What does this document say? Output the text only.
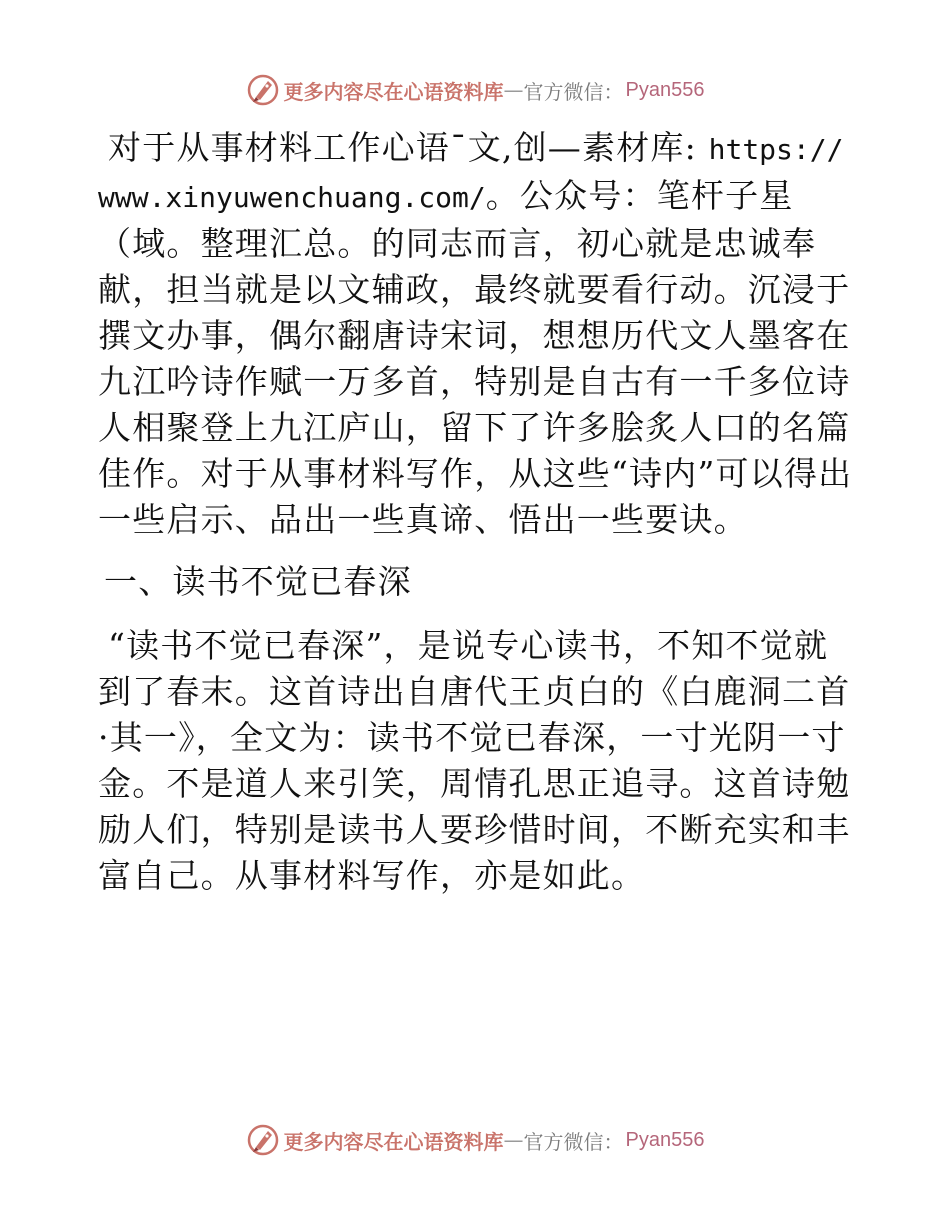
更多内容尽在心语资料库 — 官方微信： Pyan556

对于从事材料工作心语¯文,创—素材库: https://www.xinyuwenchuang.com/。公众号：笔杆子星（域。整理汇总。的同志而言，初心就是忠诚奉献，担当就是以文辅政，最终就要看行动。沉浸于撰文办事，偶尔翻唐诗宋词，想想历代文人墨客在九江吟诗作赋一万多首，特别是自古有一千多位诗人相聚登上九江庐山，留下了许多脍炙人口的名篇佳作。对于从事材料写作，从这些“诗内”可以得出一些启示、品出一些真谛、悟出一些要诀。

一、读书不觉已春深

“读书不觉已春深”，是说专心读书，不知不觉就到了春末。这首诗出自唐代王贞白的《白鹿洞二首·其一》，全文为：读书不觉已春深，一寸光阴一寸金。不是道人来引笑，周情孔思正追寻。这首诗勉励人们，特别是读书人要珍惜时间，不断充实和丰富自己。从事材料写作，亦是如此。

更多内容尽在心语资料库 — 官方微信： Pyan556
